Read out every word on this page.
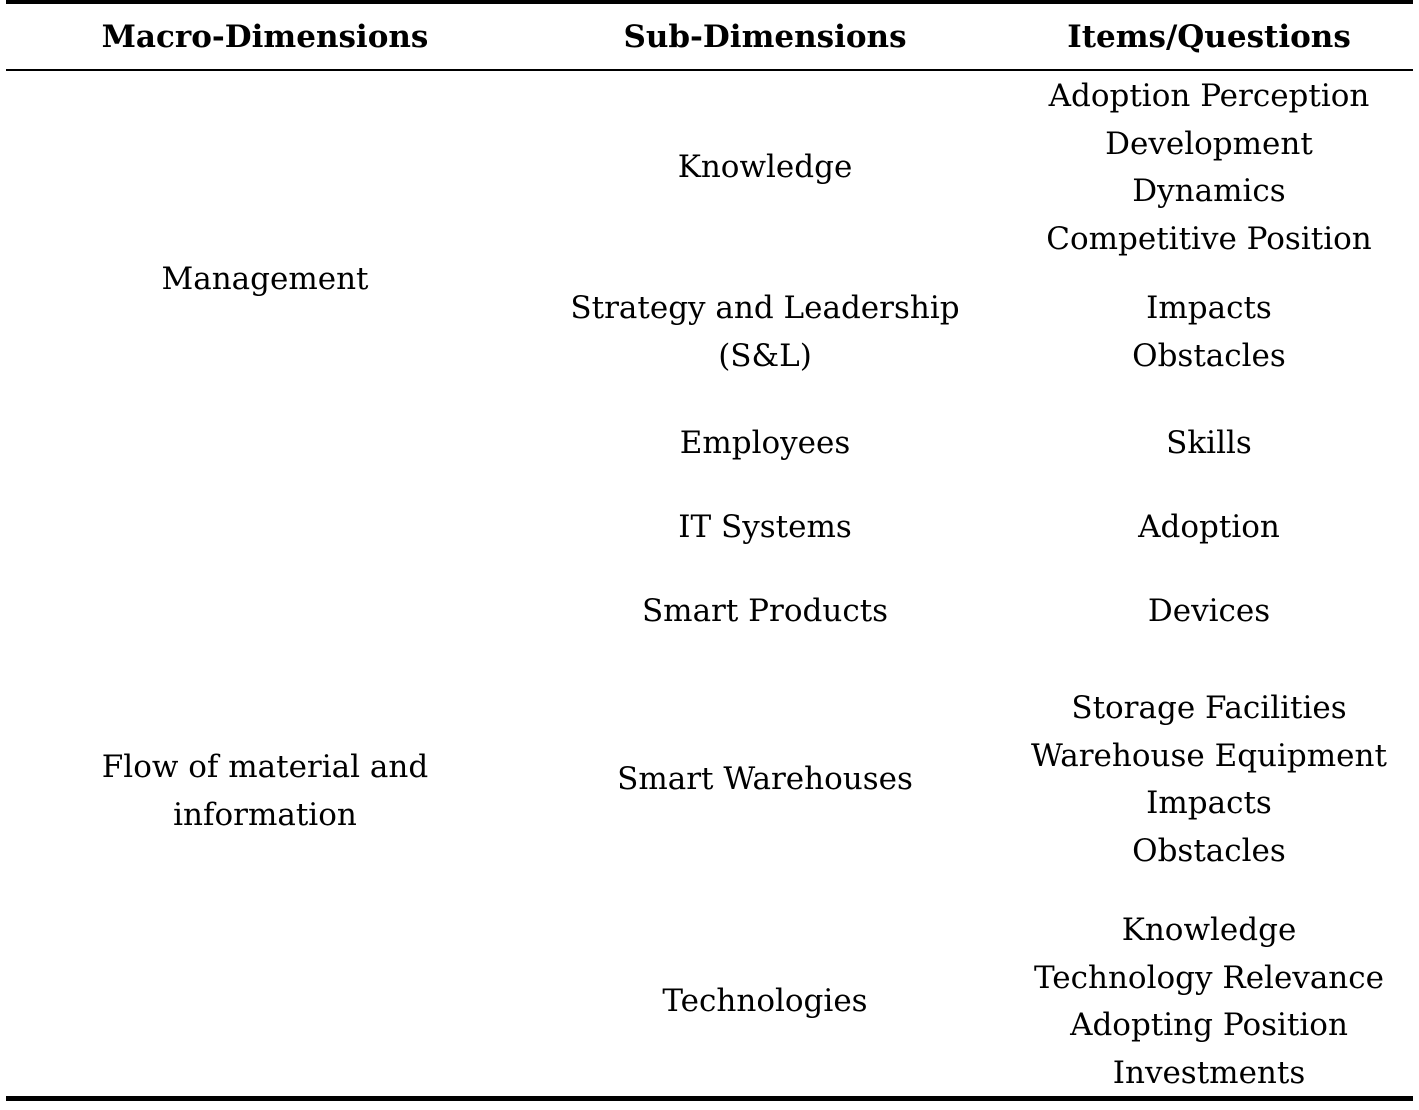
Macro-Dimensions	Sub-Dimensions	Items/Questions
Management
Flow of material and
information
Knowledge
Strategy and Leadership
(S&L)
Employees
IT Systems
Smart Products
Smart Warehouses
Technologies
Adoption Perception
Development
Dynamics
Competitive Position
Impacts
Obstacles
Skills
Adoption
Devices
Storage Facilities
Warehouse Equipment
Impacts
Obstacles
Knowledge
Technology Relevance
Adopting Position
Investments
